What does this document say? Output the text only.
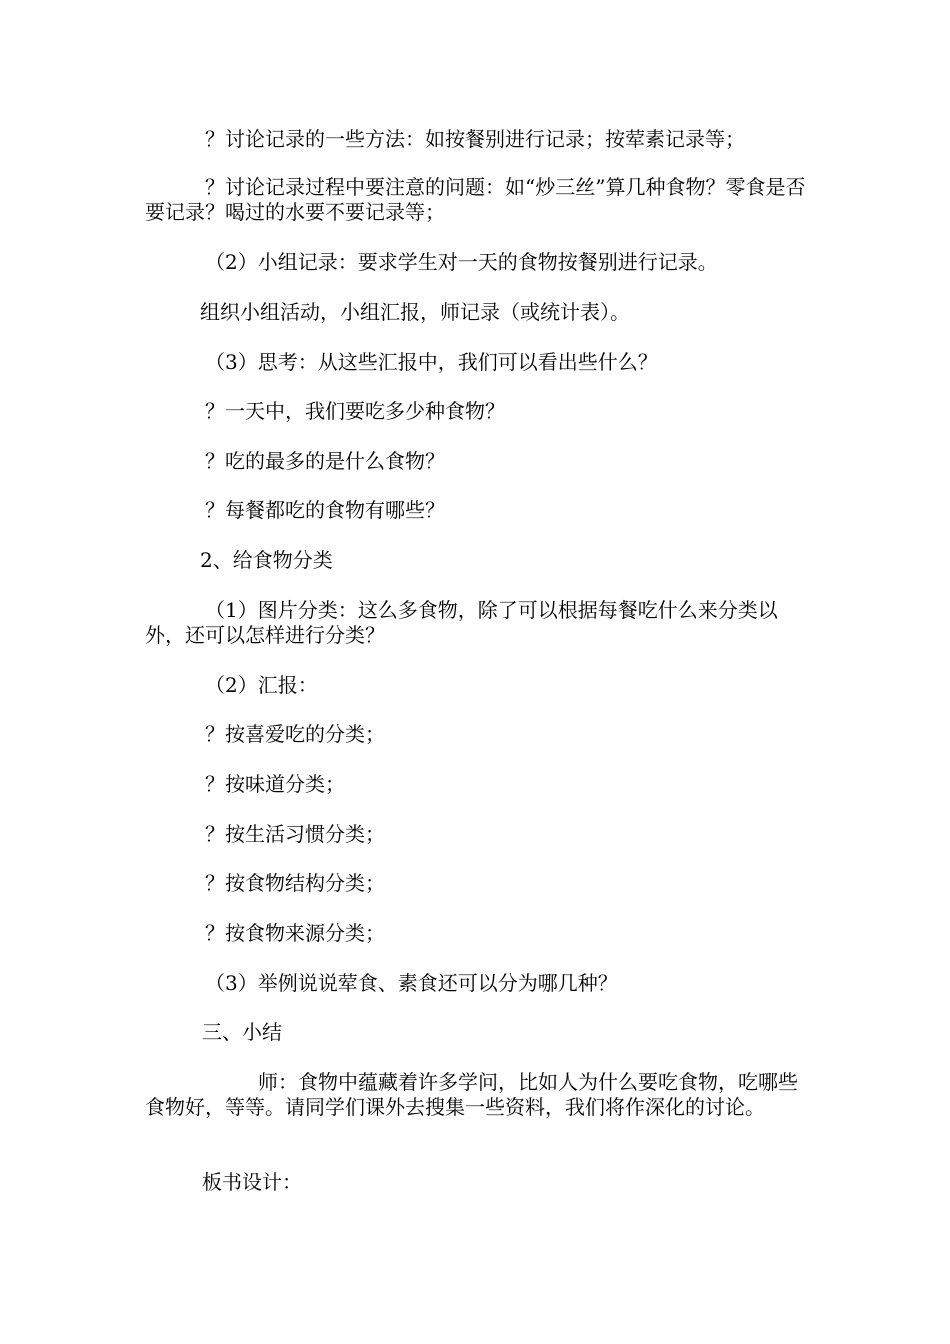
？讨论记录的一些方法：如按餐别进行记录；按荤素记录等；

？讨论记录过程中要注意的问题：如“炒三丝”算几种食物？零食是否要记录？喝过的水要不要记录等；

（2）小组记录：要求学生对一天的食物按餐别进行记录。

组织小组活动，小组汇报，师记录（或统计表）。

（3）思考：从这些汇报中，我们可以看出些什么？

？一天中，我们要吃多少种食物？

？吃的最多的是什么食物？

？每餐都吃的食物有哪些？

2、给食物分类

（1）图片分类：这么多食物，除了可以根据每餐吃什么来分类以外，还可以怎样进行分类？

（2）汇报：

？按喜爱吃的分类；

？按味道分类；

？按生活习惯分类；

？按食物结构分类；

？按食物来源分类；

（3）举例说说荤食、素食还可以分为哪几种？

三、小结

师：食物中蕴藏着许多学问，比如人为什么要吃食物，吃哪些食物好，等等。请同学们课外去搜集一些资料，我们将作深化的讨论。

板书设计：
